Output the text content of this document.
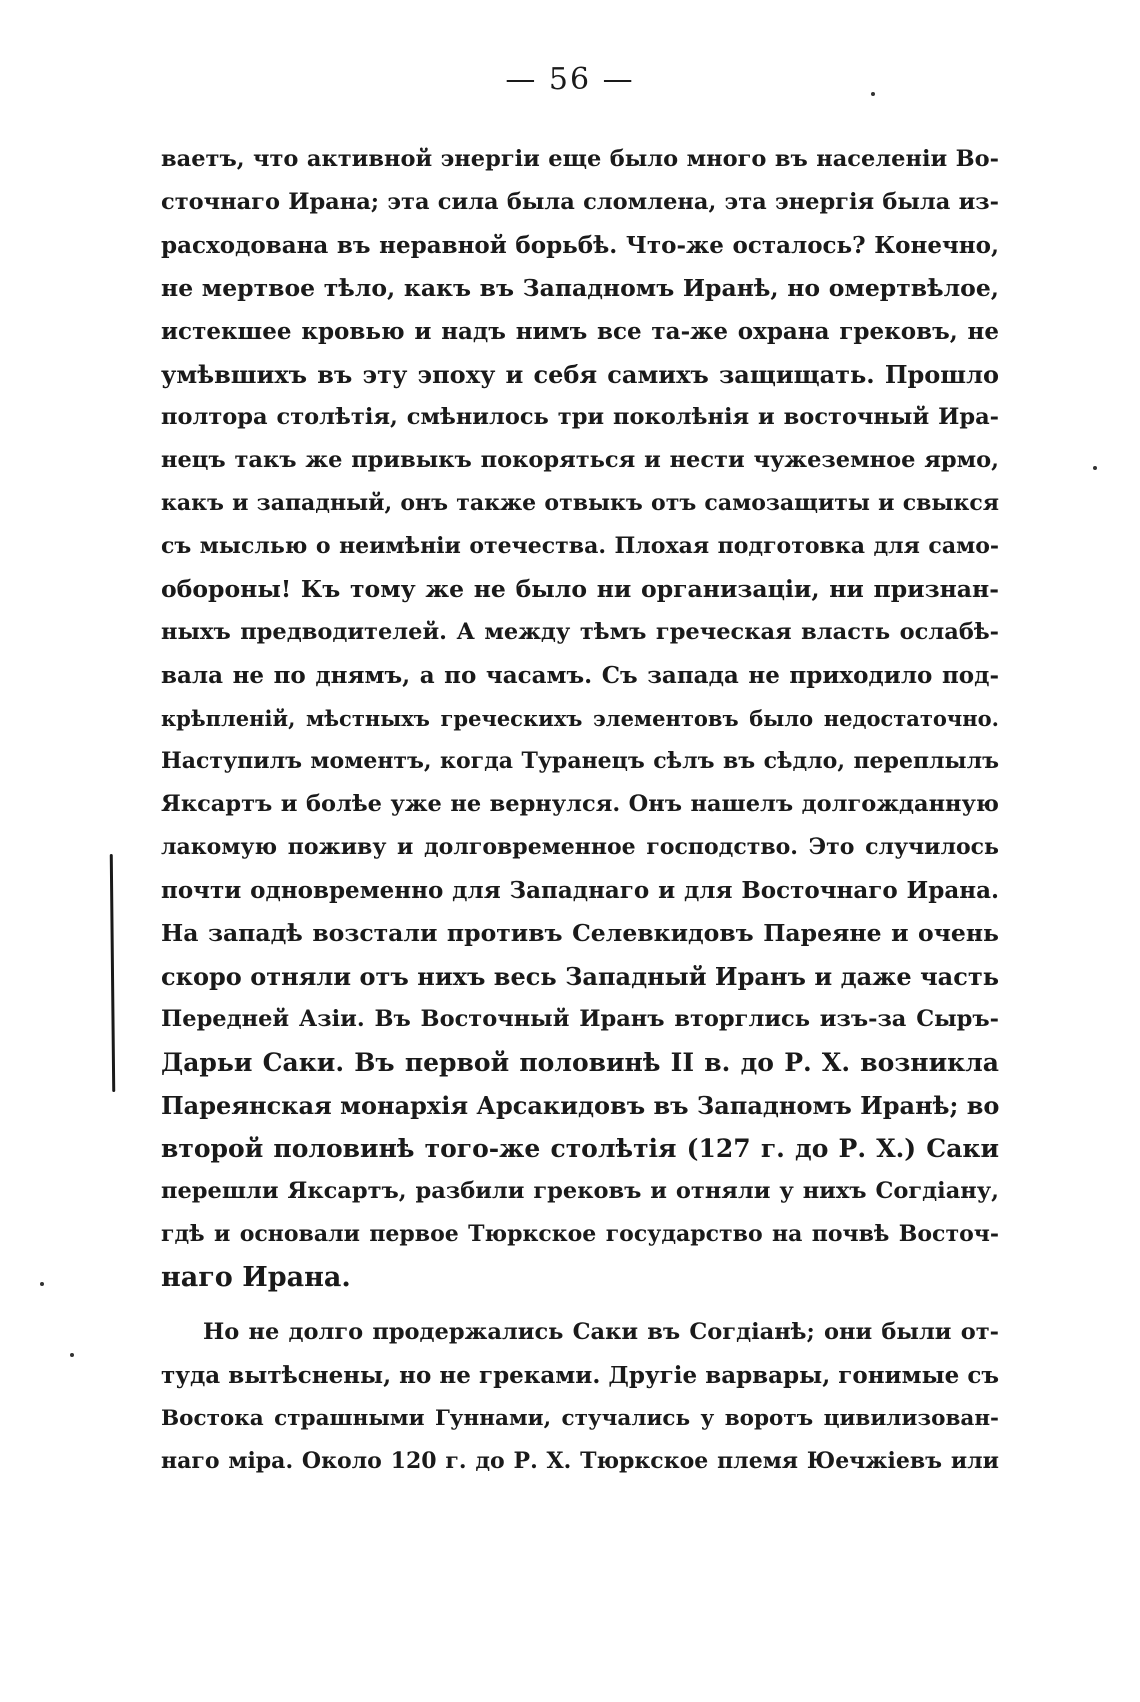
— 56 —
ваетъ, что активной энергіи еще было много въ населеніи Во-
сточнаго Ирана; эта сила была сломлена, эта энергія была из-
расходована въ неравной борьбѣ. Что-же осталось? Конечно,
не мертвое тѣло, какъ въ Западномъ Иранѣ, но омертвѣлое,
истекшее кровью и надъ нимъ все та-же охрана грековъ, не
умѣвшихъ въ эту эпоху и себя самихъ защищать. Прошло
полтора столѣтія, смѣнилось три поколѣнія и восточный Ира-
нецъ такъ же привыкъ покоряться и нести чужеземное ярмо,
какъ и западный, онъ также отвыкъ отъ самозащиты и свыкся
съ мыслью о неимѣніи отечества. Плохая подготовка для само-
обороны! Къ тому же не было ни организаціи, ни признан-
ныхъ предводителей. А между тѣмъ греческая власть ослабѣ-
вала не по днямъ, а по часамъ. Съ запада не приходило под-
крѣпленій, мѣстныхъ греческихъ элементовъ было недостаточно.
Наступилъ моментъ, когда Туранецъ сѣлъ въ сѣдло, переплылъ
Яксартъ и болѣе уже не вернулся. Онъ нашелъ долгожданную
лакомую поживу и долговременное господство. Это случилось
почти одновременно для Западнаго и для Восточнаго Ирана.
На западѣ возстали противъ Селевкидовъ Пареяне и очень
скоро отняли отъ нихъ весь Западный Иранъ и даже часть
Передней Азіи. Въ Восточный Иранъ вторглись изъ-за Сыръ-
Дарьи Саки. Въ первой половинѣ II в. до Р. Х. возникла
Пареянская монархія Арсакидовъ въ Западномъ Иранѣ; во
второй половинѣ того-же столѣтія (127 г. до Р. Х.) Саки
перешли Яксартъ, разбили грековъ и отняли у нихъ Согдіану,
гдѣ и основали первое Тюркское государство на почвѣ Восточ-
наго Ирана.
Но не долго продержались Саки въ Согдіанѣ; они были от-
туда вытѣснены, но не греками. Другіе варвары, гонимые съ
Востока страшными Гуннами, стучались у воротъ цивилизован-
наго міра. Около 120 г. до Р. Х. Тюркское племя Юечжіевъ или
